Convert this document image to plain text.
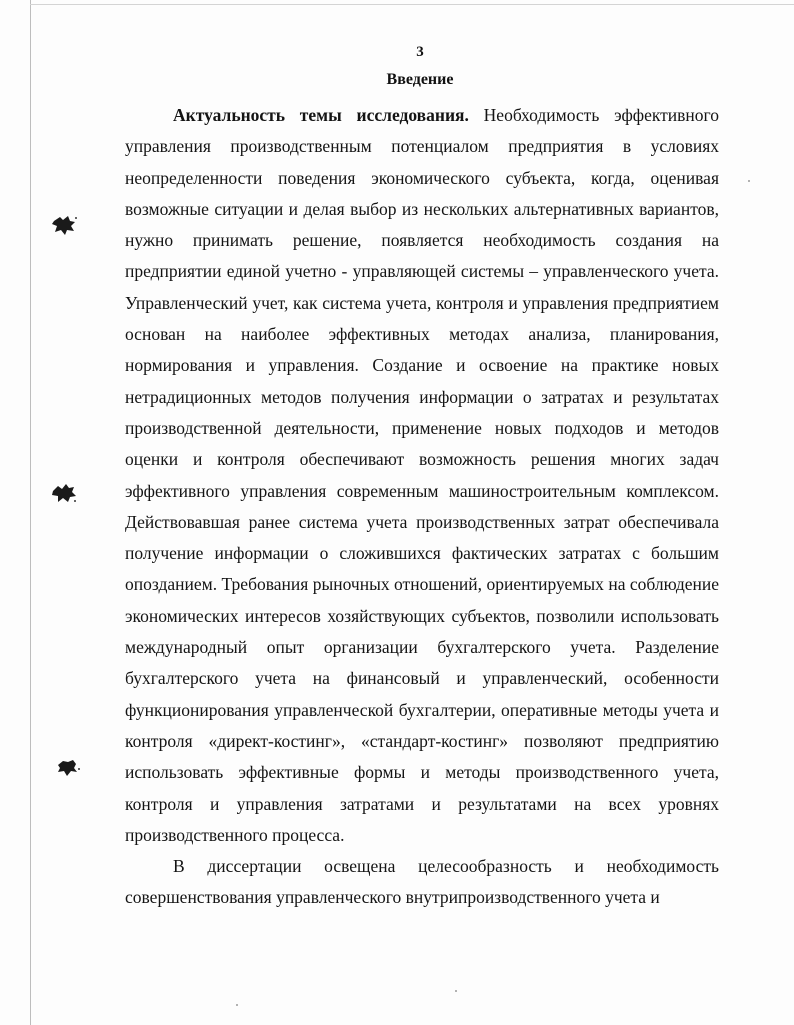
3
Введение

Актуальность темы исследования. Необходимость эффективного управления производственным потенциалом предприятия в условиях неопределенности поведения экономического субъекта, когда, оценивая возможные ситуации и делая выбор из нескольких альтернативных вариантов, нужно принимать решение, появляется необходимость создания на предприятии единой учетно - управляющей системы – управленческого учета. Управленческий учет, как система учета, контроля и управления предприятием основан на наиболее эффективных методах анализа, планирования, нормирования и управления. Создание и освоение на практике новых нетрадиционных методов получения информации о затратах и результатах производственной деятельности, применение новых подходов и методов оценки и контроля обеспечивают возможность решения многих задач эффективного управления современным машиностроительным комплексом. Действовавшая ранее система учета производственных затрат обеспечивала получение информации о сложившихся фактических затратах с большим опозданием. Требования рыночных отношений, ориентируемых на соблюдение экономических интересов хозяйствующих субъектов, позволили использовать международный опыт организации бухгалтерского учета. Разделение бухгалтерского учета на финансовый и управленческий, особенности функционирования управленческой бухгалтерии, оперативные методы учета и контроля «директ-костинг», «стандарт-костинг» позволяют предприятию использовать эффективные формы и методы производственного учета, контроля и управления затратами и результатами на всех уровнях производственного процесса.

В диссертации освещена целесообразность и необходимость совершенствования управленческого внутрипроизводственного учета и
